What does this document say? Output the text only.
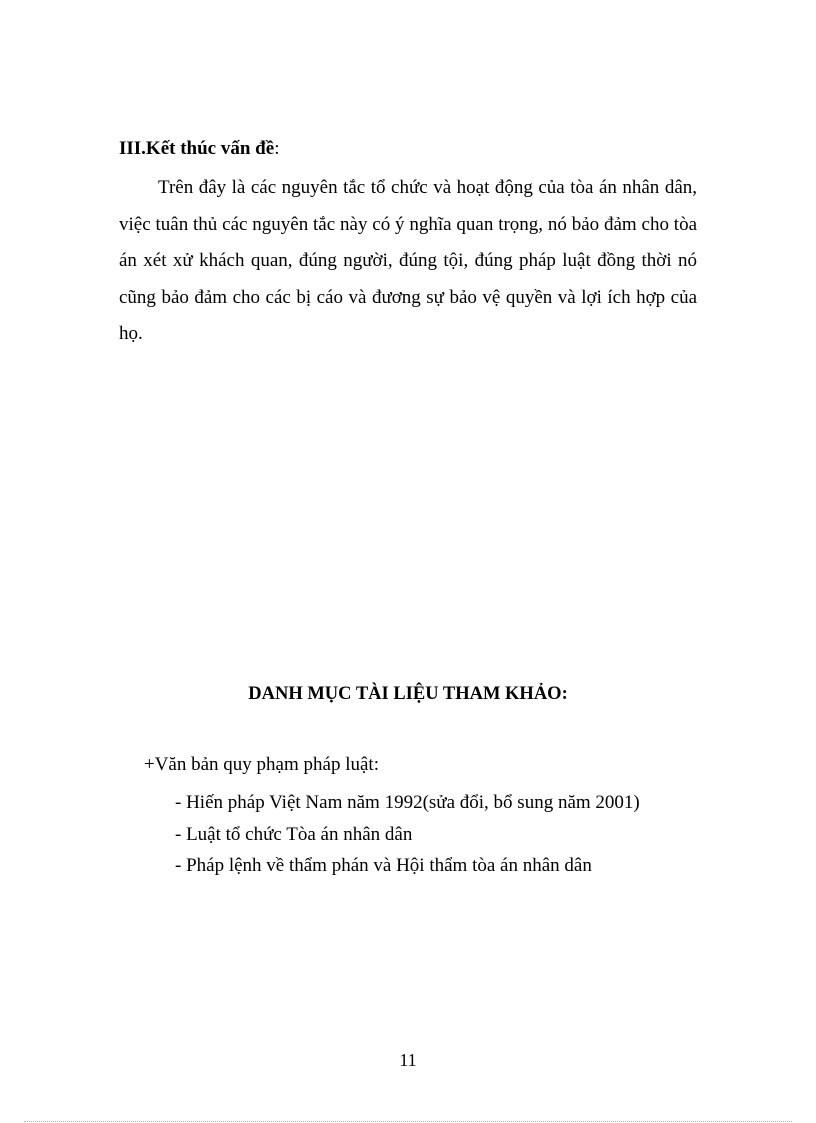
III.Kết thúc vấn đề:

Trên đây là các nguyên tắc tổ chức và hoạt động của tòa án nhân dân, việc tuân thủ các nguyên tắc này có ý nghĩa quan trọng, nó bảo đảm cho tòa án xét xử khách quan, đúng người, đúng tội, đúng pháp luật đồng thời nó cũng bảo đảm cho các bị cáo và đương sự bảo vệ quyền và lợi ích hợp của họ.

DANH MỤC TÀI LIỆU THAM KHẢO:

+Văn bản quy phạm pháp luật:

- Hiến pháp Việt Nam năm 1992(sửa đổi, bổ sung năm 2001)
- Luật tổ chức Tòa án nhân dân
- Pháp lệnh về thẩm phán và Hội thẩm tòa án nhân dân

11
